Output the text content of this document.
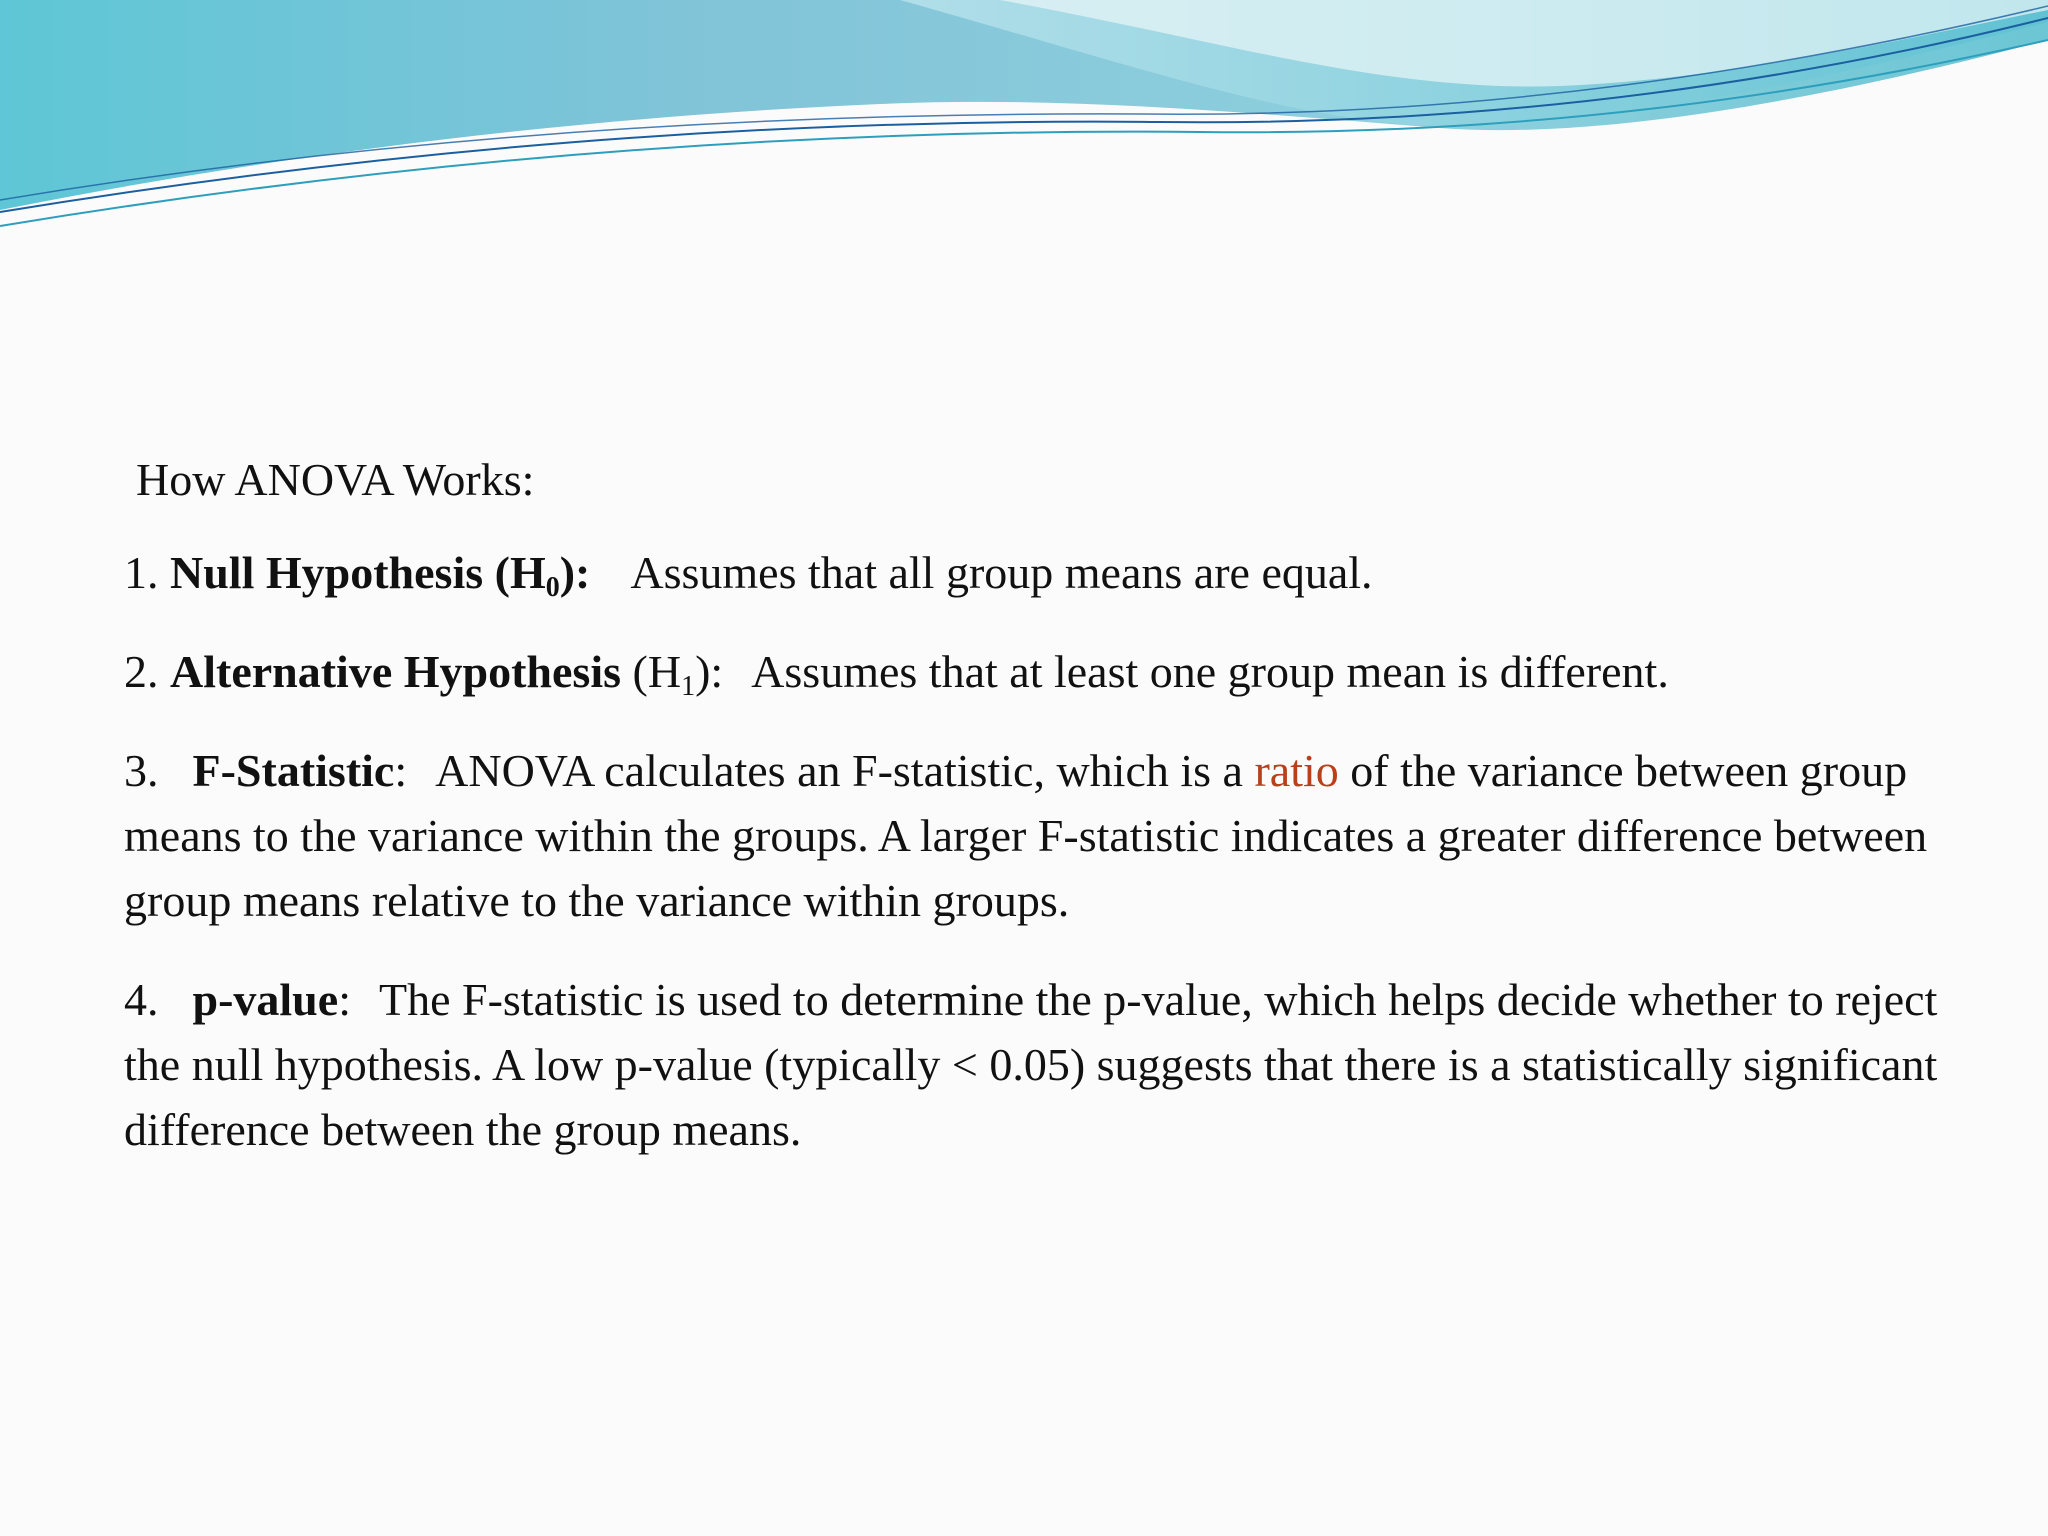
How ANOVA Works:
1. Null Hypothesis $(H_0)$: Assumes that all group means are equal.
2. Alternative Hypothesis $(H_1)$: Assumes that at least one group mean is different.
3. F-Statistic: ANOVA calculates an F-statistic, which is a ratio of the variance between group means to the variance within the groups. A larger F-statistic indicates a greater difference between group means relative to the variance within groups.
4. p-value: The F-statistic is used to determine the p-value, which helps decide whether to reject the null hypothesis. A low p-value (typically < 0.05) suggests that there is a statistically significant difference between the group means.
